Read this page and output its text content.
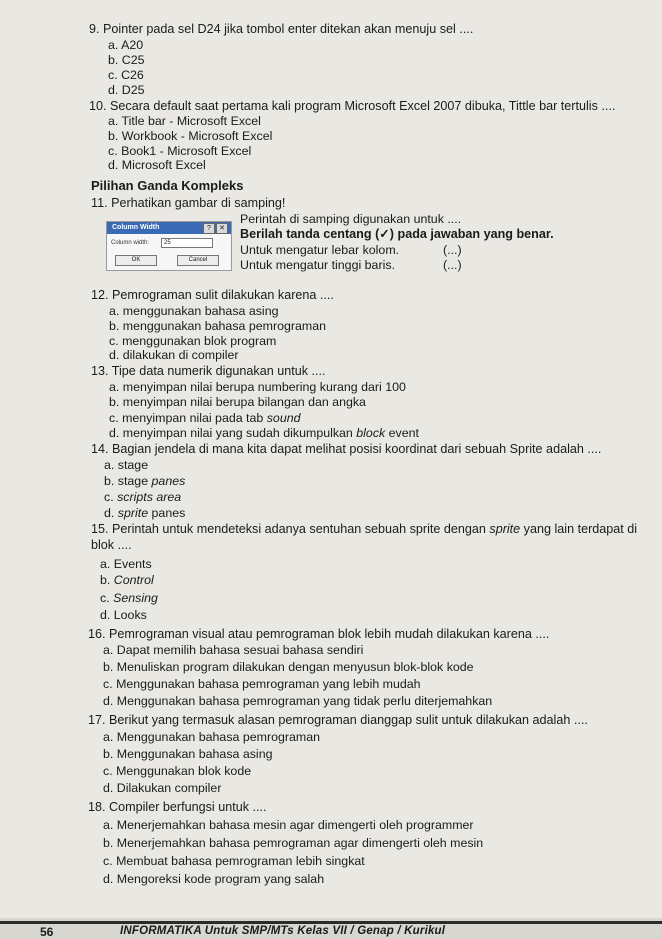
9. Pointer pada sel D24 jika tombol enter ditekan akan menuju sel ....
a. A20
b. C25
c. C26
d. D25
10. Secara default saat pertama kali program Microsoft Excel 2007 dibuka, Tittle bar tertulis ....
a. Title bar - Microsoft Excel
b. Workbook - Microsoft Excel
c. Book1 - Microsoft Excel
d. Microsoft Excel
Pilihan Ganda Kompleks
11. Perhatikan gambar di samping!
Column Width	?	✕
Column width:	25
OK	Cancel
Perintah di samping digunakan untuk ....
Berilah tanda centang (✓) pada jawaban yang benar.
Untuk mengatur lebar kolom.	(...)
Untuk mengatur tinggi baris.	(...)
12. Pemrograman sulit dilakukan karena ....
a. menggunakan bahasa asing
b. menggunakan bahasa pemrograman
c. menggunakan blok program
d. dilakukan di compiler
13. Tipe data numerik digunakan untuk ....
a. menyimpan nilai berupa numbering kurang dari 100
b. menyimpan nilai berupa bilangan dan angka
c. menyimpan nilai pada tab sound
d. menyimpan nilai yang sudah dikumpulkan block event
14. Bagian jendela di mana kita dapat melihat posisi koordinat dari sebuah Sprite adalah ....
a. stage
b. stage panes
c. scripts area
d. sprite panes
15. Perintah untuk mendeteksi adanya sentuhan sebuah sprite dengan sprite yang lain terdapat di
blok ....
a. Events
b. Control
c. Sensing
d. Looks
16. Pemrograman visual atau pemrograman blok lebih mudah dilakukan karena ....
a. Dapat memilih bahasa sesuai bahasa sendiri
b. Menuliskan program dilakukan dengan menyusun blok-blok kode
c. Menggunakan bahasa pemrograman yang lebih mudah
d. Menggunakan bahasa pemrograman yang tidak perlu diterjemahkan
17. Berikut yang termasuk alasan pemrograman dianggap sulit untuk dilakukan adalah ....
a. Menggunakan bahasa pemrograman
b. Menggunakan bahasa asing
c. Menggunakan blok kode
d. Dilakukan compiler
18. Compiler berfungsi untuk ....
a. Menerjemahkan bahasa mesin agar dimengerti oleh programmer
b. Menerjemahkan bahasa pemrograman agar dimengerti oleh mesin
c. Membuat bahasa pemrograman lebih singkat
d. Mengoreksi kode program yang salah
56	INFORMATIKA Untuk SMP/MTs Kelas VII / Genap / Kurikul
